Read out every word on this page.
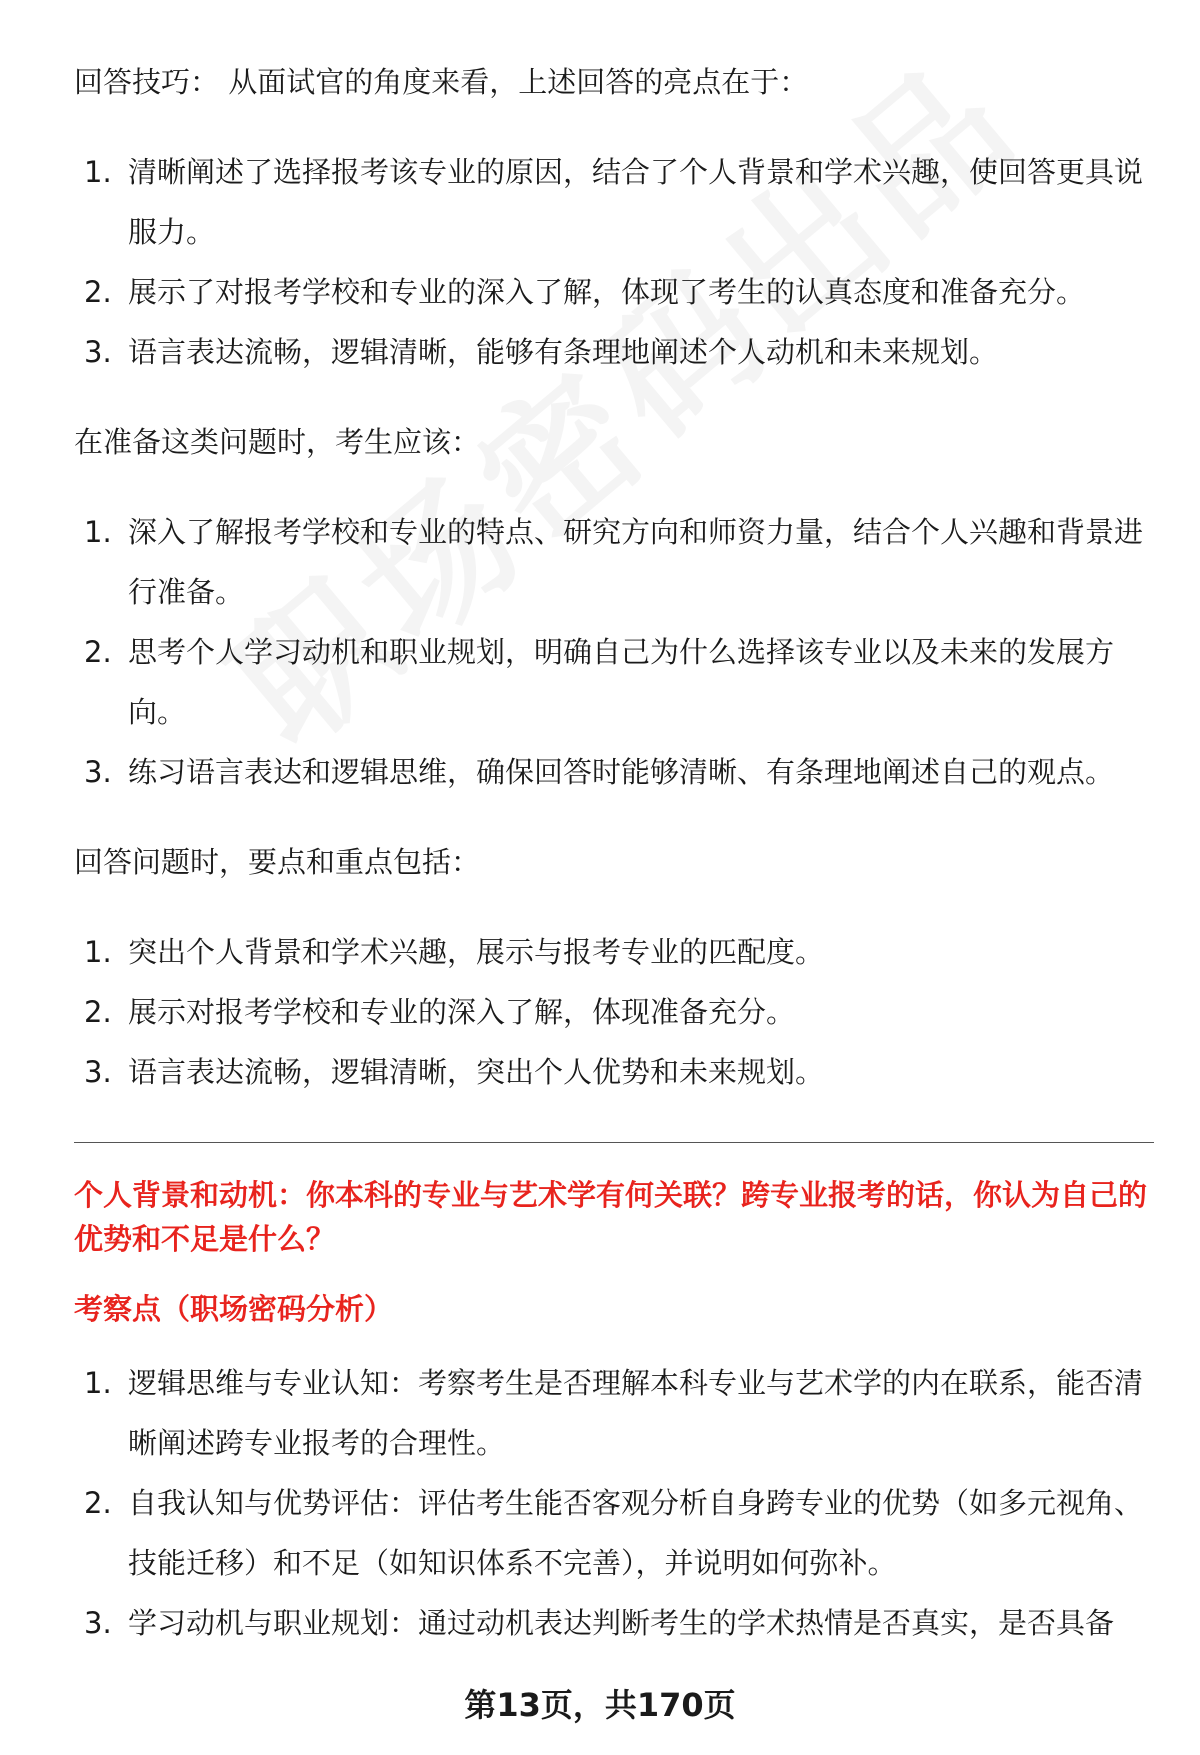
回答技巧： 从面试官的角度来看，上述回答的亮点在于：

1. 清晰阐述了选择报考该专业的原因，结合了个人背景和学术兴趣，使回答更具说服力。
2. 展示了对报考学校和专业的深入了解，体现了考生的认真态度和准备充分。
3. 语言表达流畅，逻辑清晰，能够有条理地阐述个人动机和未来规划。

在准备这类问题时，考生应该：

1. 深入了解报考学校和专业的特点、研究方向和师资力量，结合个人兴趣和背景进行准备。
2. 思考个人学习动机和职业规划，明确自己为什么选择该专业以及未来的发展方向。
3. 练习语言表达和逻辑思维，确保回答时能够清晰、有条理地阐述自己的观点。

回答问题时，要点和重点包括：

1. 突出个人背景和学术兴趣，展示与报考专业的匹配度。
2. 展示对报考学校和专业的深入了解，体现准备充分。
3. 语言表达流畅，逻辑清晰，突出个人优势和未来规划。
个人背景和动机：你本科的专业与艺术学有何关联？跨专业报考的话，你认为自己的优势和不足是什么？
考察点（职场密码分析）
1. 逻辑思维与专业认知：考察考生是否理解本科专业与艺术学的内在联系，能否清晰阐述跨专业报考的合理性。
2. 自我认知与优势评估：评估考生能否客观分析自身跨专业的优势（如多元视角、技能迁移）和不足（如知识体系不完善），并说明如何弥补。
3. 学习动机与职业规划：通过动机表达判断考生的学术热情是否真实，是否具备
第13页，共170页
